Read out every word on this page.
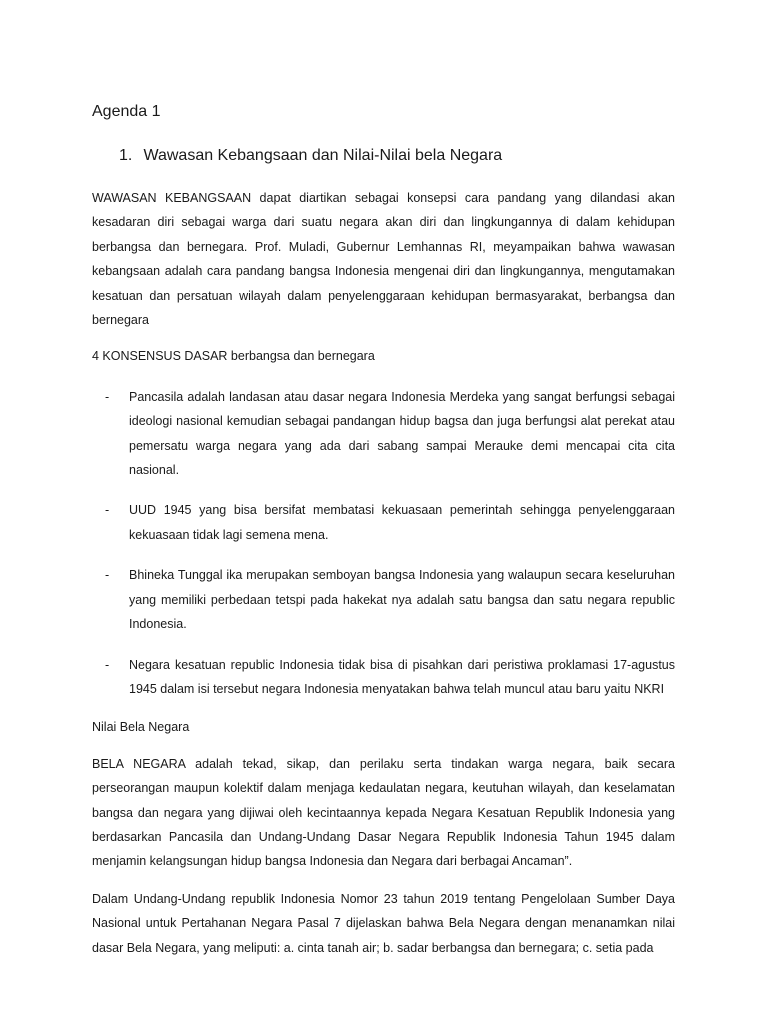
Agenda 1
1. Wawasan Kebangsaan dan Nilai-Nilai bela Negara

WAWASAN KEBANGSAAN dapat diartikan sebagai konsepsi cara pandang yang dilandasi akan kesadaran diri sebagai warga dari suatu negara akan diri dan lingkungannya di dalam kehidupan berbangsa dan bernegara. Prof. Muladi, Gubernur Lemhannas RI, meyampaikan bahwa wawasan kebangsaan adalah cara pandang bangsa Indonesia mengenai diri dan lingkungannya, mengutamakan kesatuan dan persatuan wilayah dalam penyelenggaraan kehidupan bermasyarakat, berbangsa dan bernegara

4 KONSENSUS DASAR berbangsa dan bernegara

- Pancasila adalah landasan atau dasar negara Indonesia Merdeka yang sangat berfungsi sebagai ideologi nasional kemudian sebagai pandangan hidup bagsa dan juga berfungsi alat perekat atau pemersatu warga negara yang ada dari sabang sampai Merauke demi mencapai cita cita nasional.
- UUD 1945 yang bisa bersifat membatasi kekuasaan pemerintah sehingga penyelenggaraan kekuasaan tidak lagi semena mena.
- Bhineka Tunggal ika merupakan semboyan bangsa Indonesia yang walaupun secara keseluruhan yang memiliki perbedaan tetspi pada hakekat nya adalah satu bangsa dan satu negara republic Indonesia.
- Negara kesatuan republic Indonesia tidak bisa di pisahkan dari peristiwa proklamasi 17-agustus 1945 dalam isi tersebut negara Indonesia menyatakan bahwa telah muncul atau baru yaitu NKRI

Nilai Bela Negara

BELA NEGARA adalah tekad, sikap, dan perilaku serta tindakan warga negara, baik secara perseorangan maupun kolektif dalam menjaga kedaulatan negara, keutuhan wilayah, dan keselamatan bangsa dan negara yang dijiwai oleh kecintaannya kepada Negara Kesatuan Republik Indonesia yang berdasarkan Pancasila dan Undang-Undang Dasar Negara Republik Indonesia Tahun 1945 dalam menjamin kelangsungan hidup bangsa Indonesia dan Negara dari berbagai Ancaman”.

Dalam Undang-Undang republik Indonesia Nomor 23 tahun 2019 tentang Pengelolaan Sumber Daya Nasional untuk Pertahanan Negara Pasal 7 dijelaskan bahwa Bela Negara dengan menanamkan nilai dasar Bela Negara, yang meliputi: a. cinta tanah air; b. sadar berbangsa dan bernegara; c. setia pada
